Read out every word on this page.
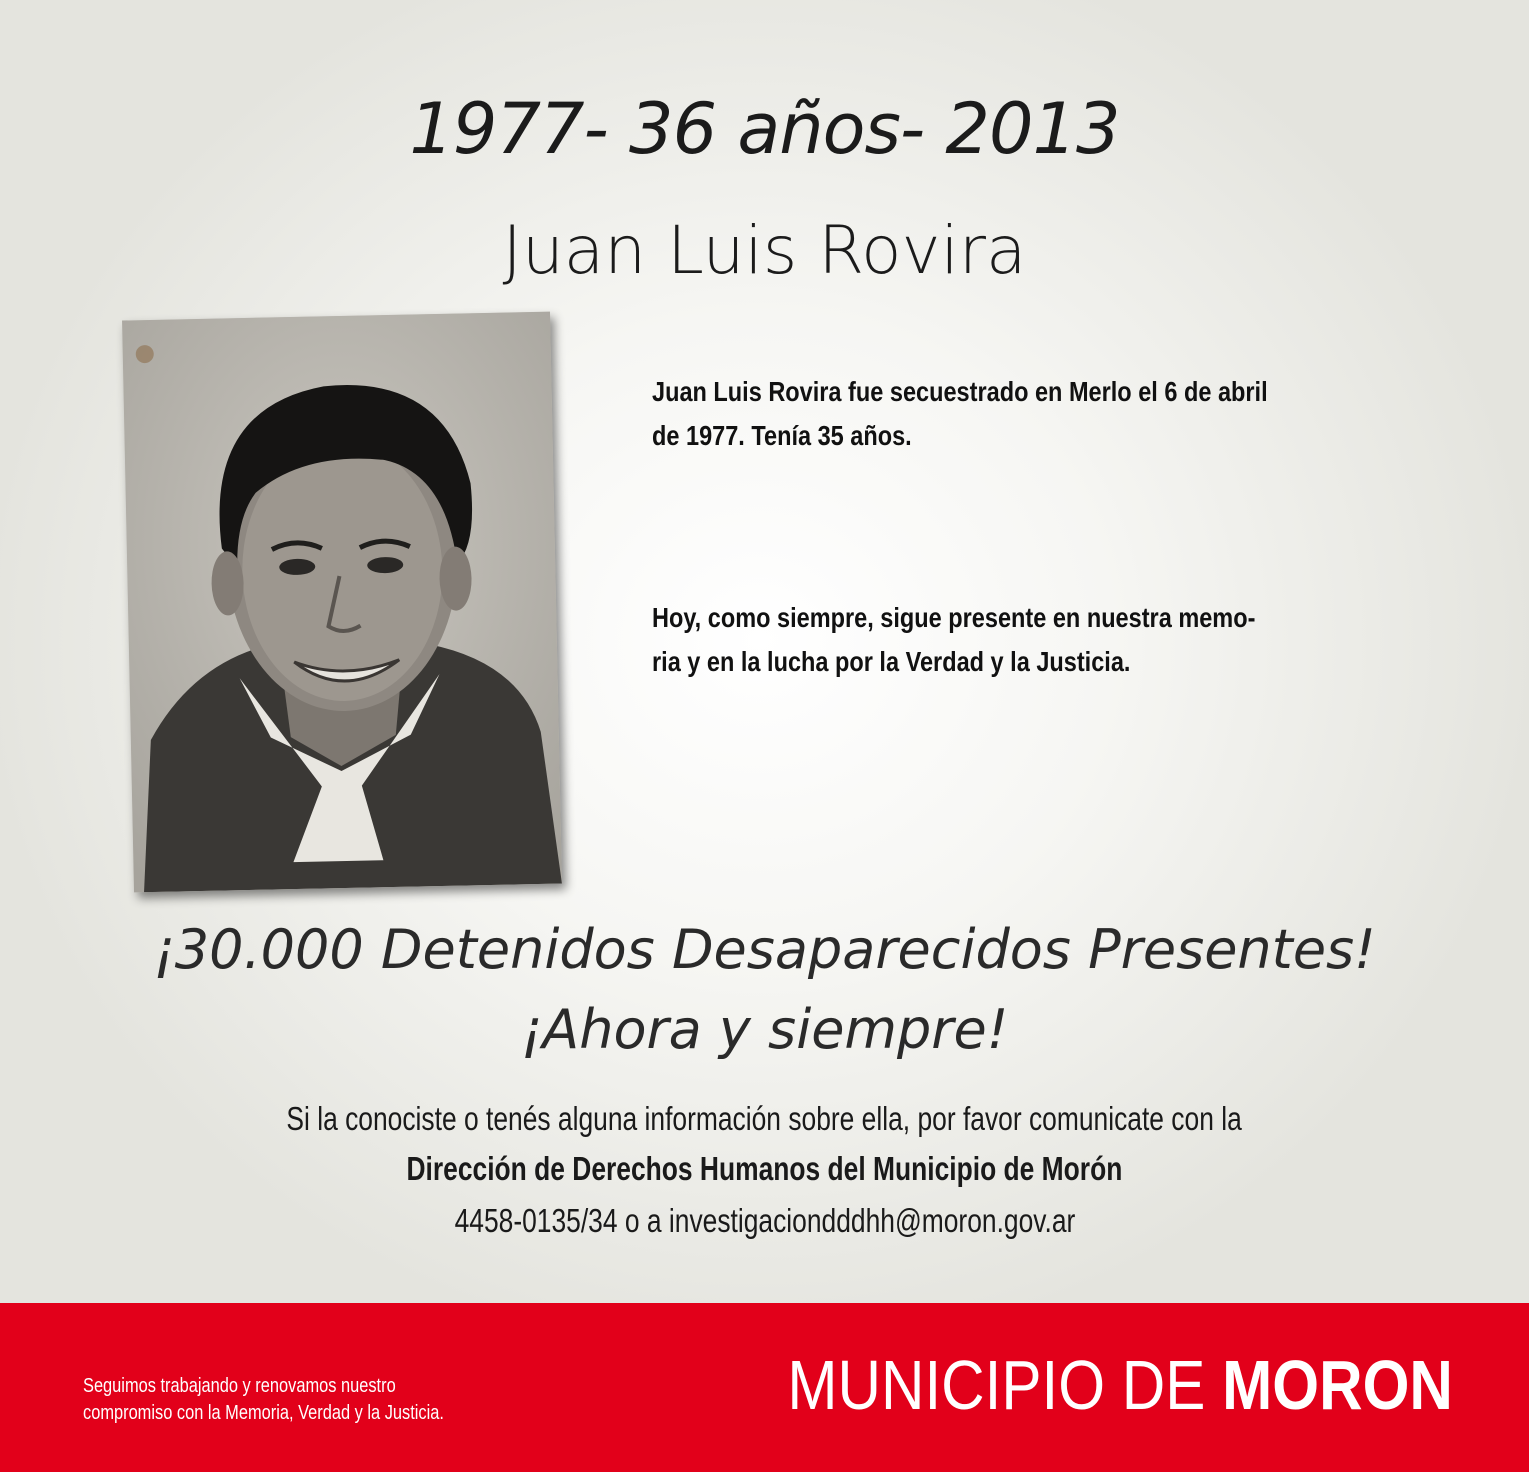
1977- 36 años- 2013
Juan Luis Rovira

Juan Luis Rovira fue secuestrado en Merlo el 6 de abril
de 1977. Tenía 35 años.

Hoy, como siempre, sigue presente en nuestra memo-
ria y en la lucha por la Verdad y la Justicia.

¡30.000 Detenidos Desaparecidos Presentes!

¡Ahora y siempre!

Si la conociste o tenés alguna información sobre ella, por favor comunicate con la

Dirección de Derechos Humanos del Municipio de Morón

4458-0135/34 o a investigaciondddhh@moron.gov.ar

Seguimos trabajando y renovamos nuestro
compromiso con la Memoria, Verdad y la Justicia.	MUNICIPIO DE MORON
